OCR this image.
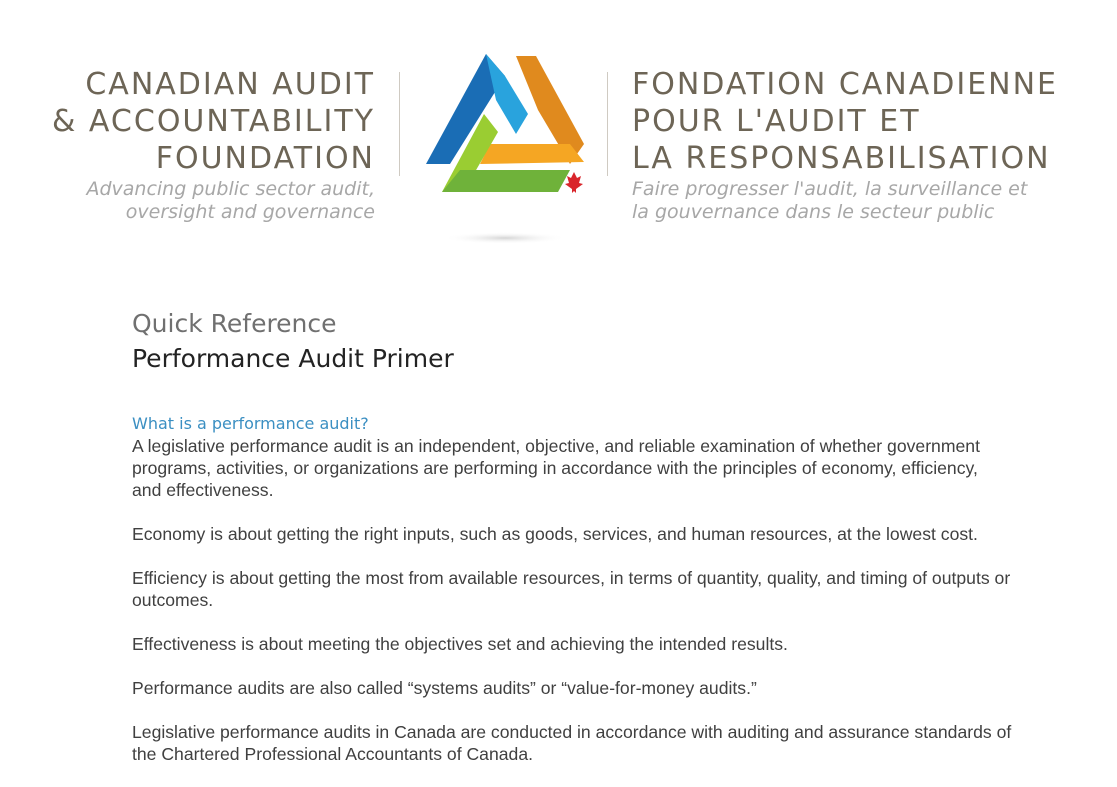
CANADIAN AUDIT
& ACCOUNTABILITY
FOUNDATION
Advancing public sector audit,
oversight and governance
FONDATION CANADIENNE
POUR L'AUDIT ET
LA RESPONSABILISATION
Faire progresser l'audit, la surveillance et
la gouvernance dans le secteur public
Quick Reference
Performance Audit Primer
What is a performance audit?

A legislative performance audit is an independent, objective, and reliable examination of whether government programs, activities, or organizations are performing in accordance with the principles of economy, efficiency, and effectiveness.

Economy is about getting the right inputs, such as goods, services, and human resources, at the lowest cost.

Efficiency is about getting the most from available resources, in terms of quantity, quality, and timing of outputs or outcomes.

Effectiveness is about meeting the objectives set and achieving the intended results.

Performance audits are also called “systems audits” or “value-for-money audits.”

Legislative performance audits in Canada are conducted in accordance with auditing and assurance standards of the Chartered Professional Accountants of Canada.
